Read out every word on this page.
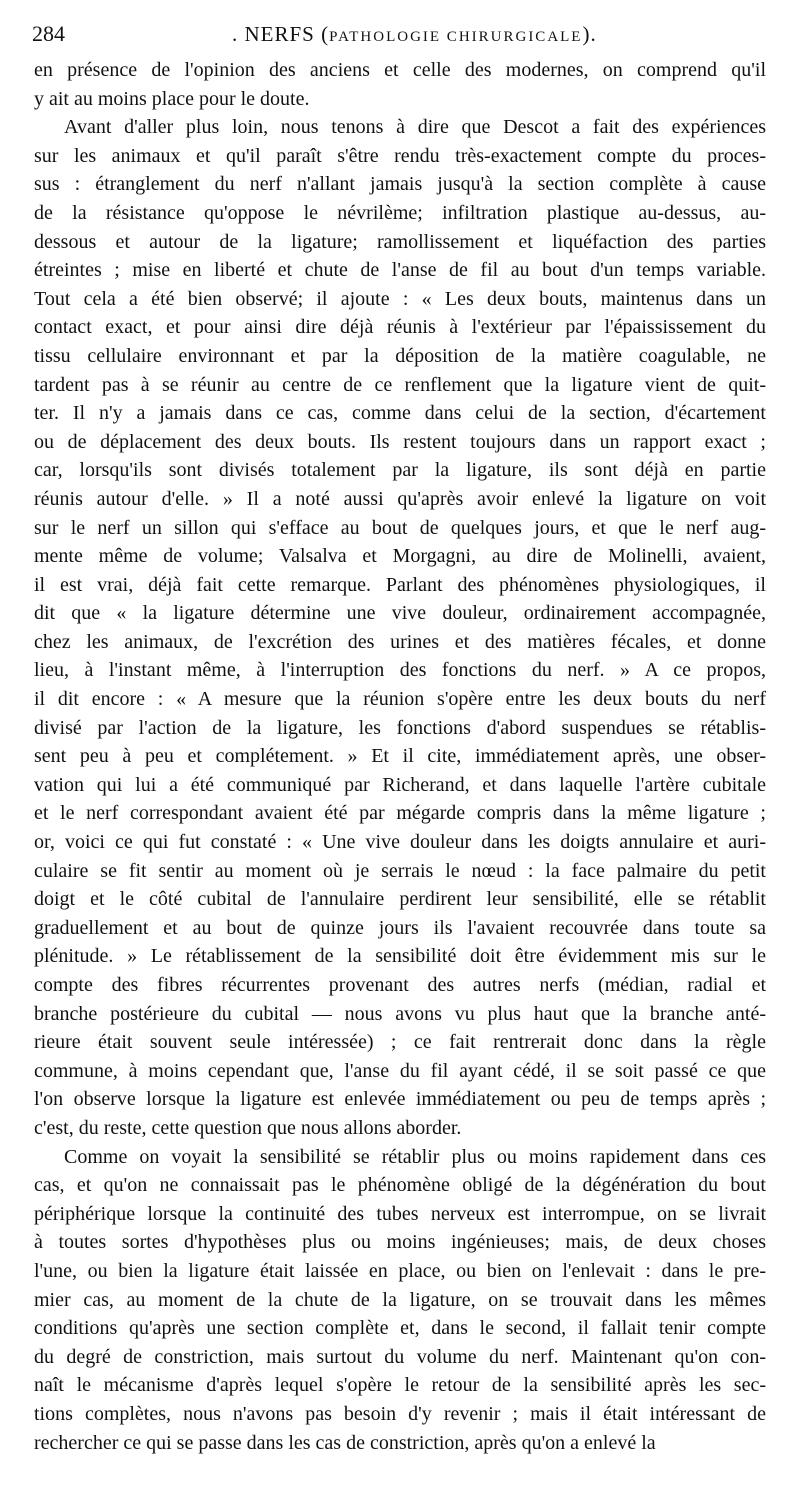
284	. NERFS (PATHOLOGIE CHIRURGICALE).
en présence de l'opinion des anciens et celle des modernes, on comprend qu'il
y ait au moins place pour le doute.
Avant d'aller plus loin, nous tenons à dire que Descot a fait des expériences
sur les animaux et qu'il paraît s'être rendu très-exactement compte du proces-
sus : étranglement du nerf n'allant jamais jusqu'à la section complète à cause
de la résistance qu'oppose le névrilème; infiltration plastique au-dessus, au-
dessous et autour de la ligature; ramollissement et liquéfaction des parties
étreintes ; mise en liberté et chute de l'anse de fil au bout d'un temps variable.
Tout cela a été bien observé; il ajoute : « Les deux bouts, maintenus dans un
contact exact, et pour ainsi dire déjà réunis à l'extérieur par l'épaississement du
tissu cellulaire environnant et par la déposition de la matière coagulable, ne
tardent pas à se réunir au centre de ce renflement que la ligature vient de quit-
ter. Il n'y a jamais dans ce cas, comme dans celui de la section, d'écartement
ou de déplacement des deux bouts. Ils restent toujours dans un rapport exact ;
car, lorsqu'ils sont divisés totalement par la ligature, ils sont déjà en partie
réunis autour d'elle. » Il a noté aussi qu'après avoir enlevé la ligature on voit
sur le nerf un sillon qui s'efface au bout de quelques jours, et que le nerf aug-
mente même de volume; Valsalva et Morgagni, au dire de Molinelli, avaient,
il est vrai, déjà fait cette remarque. Parlant des phénomènes physiologiques, il
dit que « la ligature détermine une vive douleur, ordinairement accompagnée,
chez les animaux, de l'excrétion des urines et des matières fécales, et donne
lieu, à l'instant même, à l'interruption des fonctions du nerf. » A ce propos,
il dit encore : « A mesure que la réunion s'opère entre les deux bouts du nerf
divisé par l'action de la ligature, les fonctions d'abord suspendues se rétablis-
sent peu à peu et complétement. » Et il cite, immédiatement après, une obser-
vation qui lui a été communiqué par Richerand, et dans laquelle l'artère cubitale
et le nerf correspondant avaient été par mégarde compris dans la même ligature ;
or, voici ce qui fut constaté : « Une vive douleur dans les doigts annulaire et auri-
culaire se fit sentir au moment où je serrais le nœud : la face palmaire du petit
doigt et le côté cubital de l'annulaire perdirent leur sensibilité, elle se rétablit
graduellement et au bout de quinze jours ils l'avaient recouvrée dans toute sa
plénitude. » Le rétablissement de la sensibilité doit être évidemment mis sur le
compte des fibres récurrentes provenant des autres nerfs (médian, radial et
branche postérieure du cubital — nous avons vu plus haut que la branche anté-
rieure était souvent seule intéressée) ; ce fait rentrerait donc dans la règle
commune, à moins cependant que, l'anse du fil ayant cédé, il se soit passé ce que
l'on observe lorsque la ligature est enlevée immédiatement ou peu de temps après ;
c'est, du reste, cette question que nous allons aborder.
Comme on voyait la sensibilité se rétablir plus ou moins rapidement dans ces
cas, et qu'on ne connaissait pas le phénomène obligé de la dégénération du bout
périphérique lorsque la continuité des tubes nerveux est interrompue, on se livrait
à toutes sortes d'hypothèses plus ou moins ingénieuses; mais, de deux choses
l'une, ou bien la ligature était laissée en place, ou bien on l'enlevait : dans le pre-
mier cas, au moment de la chute de la ligature, on se trouvait dans les mêmes
conditions qu'après une section complète et, dans le second, il fallait tenir compte
du degré de constriction, mais surtout du volume du nerf. Maintenant qu'on con-
naît le mécanisme d'après lequel s'opère le retour de la sensibilité après les sec-
tions complètes, nous n'avons pas besoin d'y revenir ; mais il était intéressant de
rechercher ce qui se passe dans les cas de constriction, après qu'on a enlevé la
